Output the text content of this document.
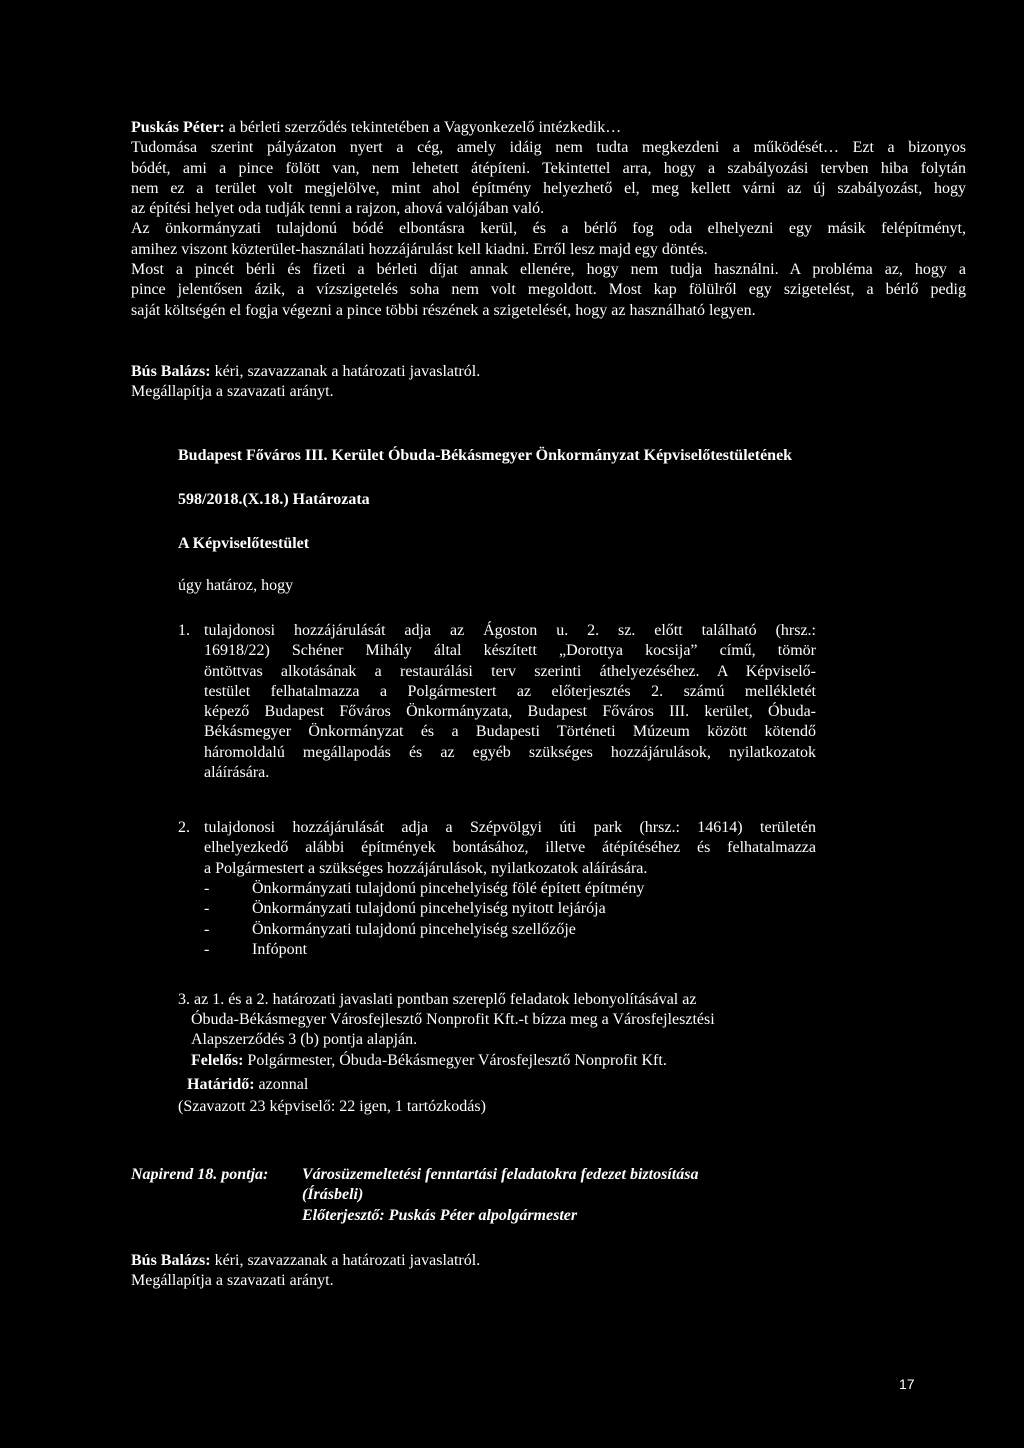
Puskás Péter: a bérleti szerződés tekintetében a Vagyonkezelő intézkedik…
Tudomása szerint pályázaton nyert a cég, amely idáig nem tudta megkezdeni a működését… Ezt a bizonyos
bódét, ami a pince fölött van, nem lehetett átépíteni. Tekintettel arra, hogy a szabályozási tervben hiba folytán
nem ez a terület volt megjelölve, mint ahol építmény helyezhető el, meg kellett várni az új szabályozást, hogy
az építési helyet oda tudják tenni a rajzon, ahová valójában való.
Az önkormányzati tulajdonú bódé elbontásra kerül, és a bérlő fog oda elhelyezni egy másik felépítményt,
amihez viszont közterület-használati hozzájárulást kell kiadni. Erről lesz majd egy döntés.
Most a pincét bérli és fizeti a bérleti díjat annak ellenére, hogy nem tudja használni. A probléma az, hogy a
pince jelentősen ázik, a vízszigetelés soha nem volt megoldott. Most kap fölülről egy szigetelést, a bérlő pedig
saját költségén el fogja végezni a pince többi részének a szigetelését, hogy az használható legyen.
Bús Balázs: kéri, szavazzanak a határozati javaslatról.
Megállapítja a szavazati arányt.
Budapest Főváros III. Kerület Óbuda-Békásmegyer Önkormányzat Képviselőtestületének
598/2018.(X.18.) Határozata
A Képviselőtestület
úgy határoz, hogy
1. tulajdonosi hozzájárulását adja az Ágoston u. 2. sz. előtt található (hrsz.:
16918/22) Schéner Mihály által készített „Dorottya kocsija” című, tömör
öntöttvas alkotásának a restaurálási terv szerinti áthelyezéséhez. A Képviselő-
testület felhatalmazza a Polgármestert az előterjesztés 2. számú mellékletét
képező Budapest Főváros Önkormányzata, Budapest Főváros III. kerület, Óbuda-
Békásmegyer Önkormányzat és a Budapesti Történeti Múzeum között kötendő
háromoldalú megállapodás és az egyéb szükséges hozzájárulások, nyilatkozatok
aláírására.
2. tulajdonosi hozzájárulását adja a Szépvölgyi úti park (hrsz.: 14614) területén
elhelyezkedő alábbi építmények bontásához, illetve átépítéséhez és felhatalmazza
a Polgármestert a szükséges hozzájárulások, nyilatkozatok aláírására.
-	Önkormányzati tulajdonú pincehelyiség fölé épített építmény
-	Önkormányzati tulajdonú pincehelyiség nyitott lejárója
-	Önkormányzati tulajdonú pincehelyiség szellőzője
-	Infópont
3. az 1. és a 2. határozati javaslati pontban szereplő feladatok lebonyolításával az
Óbuda-Békásmegyer Városfejlesztő Nonprofit Kft.-t bízza meg a Városfejlesztési
Alapszerződés 3 (b) pontja alapján.
Felelős: Polgármester, Óbuda-Békásmegyer Városfejlesztő Nonprofit Kft.
Határidő: azonnal
(Szavazott 23 képviselő: 22 igen, 1 tartózkodás)
Napirend 18. pontja: Városüzemeltetési fenntartási feladatokra fedezet biztosítása
(Írásbeli)
Előterjesztő: Puskás Péter alpolgármester
Bús Balázs: kéri, szavazzanak a határozati javaslatról.
Megállapítja a szavazati arányt.
17
